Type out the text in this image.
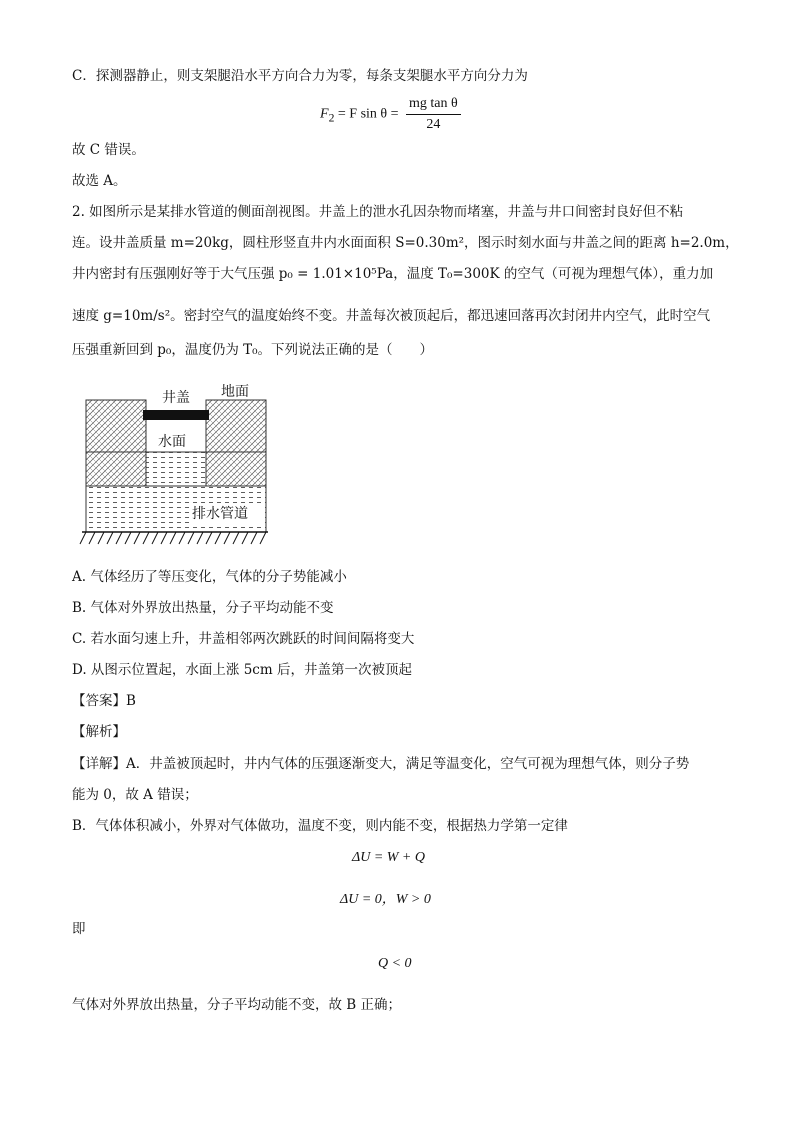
C．探测器静止，则支架腿沿水平方向合力为零，每条支架腿水平方向分力为
$F_2 = F$ $\sin \theta = \frac{\text{mg tan θ}}{24}$
故 C 错误。
故选 A。
2. 如图所示是某排水管道的侧面剖视图。井盖上的泄水孔因杂物而堵塞，井盖与井口间密封良好但不粘
连。设井盖质量 m=20kg，圆柱形竖直井内水面面积 S=0.30m²，图示时刻水面与井盖之间的距离 h=2.0m，
井内密封有压强刚好等于大气压强 p₀ = 1.01×10⁵Pa，温度 T₀=300K 的空气（可视为理想气体），重力加
速度 g=10m/s²。密封空气的温度始终不变。井盖每次被顶起后，都迅速回落再次封闭井内空气，此时空气
压强重新回到 p₀，温度仍为 T₀。下列说法正确的是（　　）
井盖 地面
水面
排水管道
A. 气体经历了等压变化，气体的分子势能减小
B. 气体对外界放出热量，分子平均动能不变
C. 若水面匀速上升，井盖相邻两次跳跃的时间间隔将变大
D. 从图示位置起，水面上涨 5cm 后，井盖第一次被顶起
【答案】B
【解析】
【详解】A．井盖被顶起时，井内气体的压强逐渐变大，满足等温变化，空气可视为理想气体，则分子势
能为 0，故 A 错误；
B．气体体积减小，外界对气体做功，温度不变，则内能不变，根据热力学第一定律
ΔU = W + Q
ΔU = 0，W > 0
即
Q < 0
气体对外界放出热量，分子平均动能不变，故 B 正确；
